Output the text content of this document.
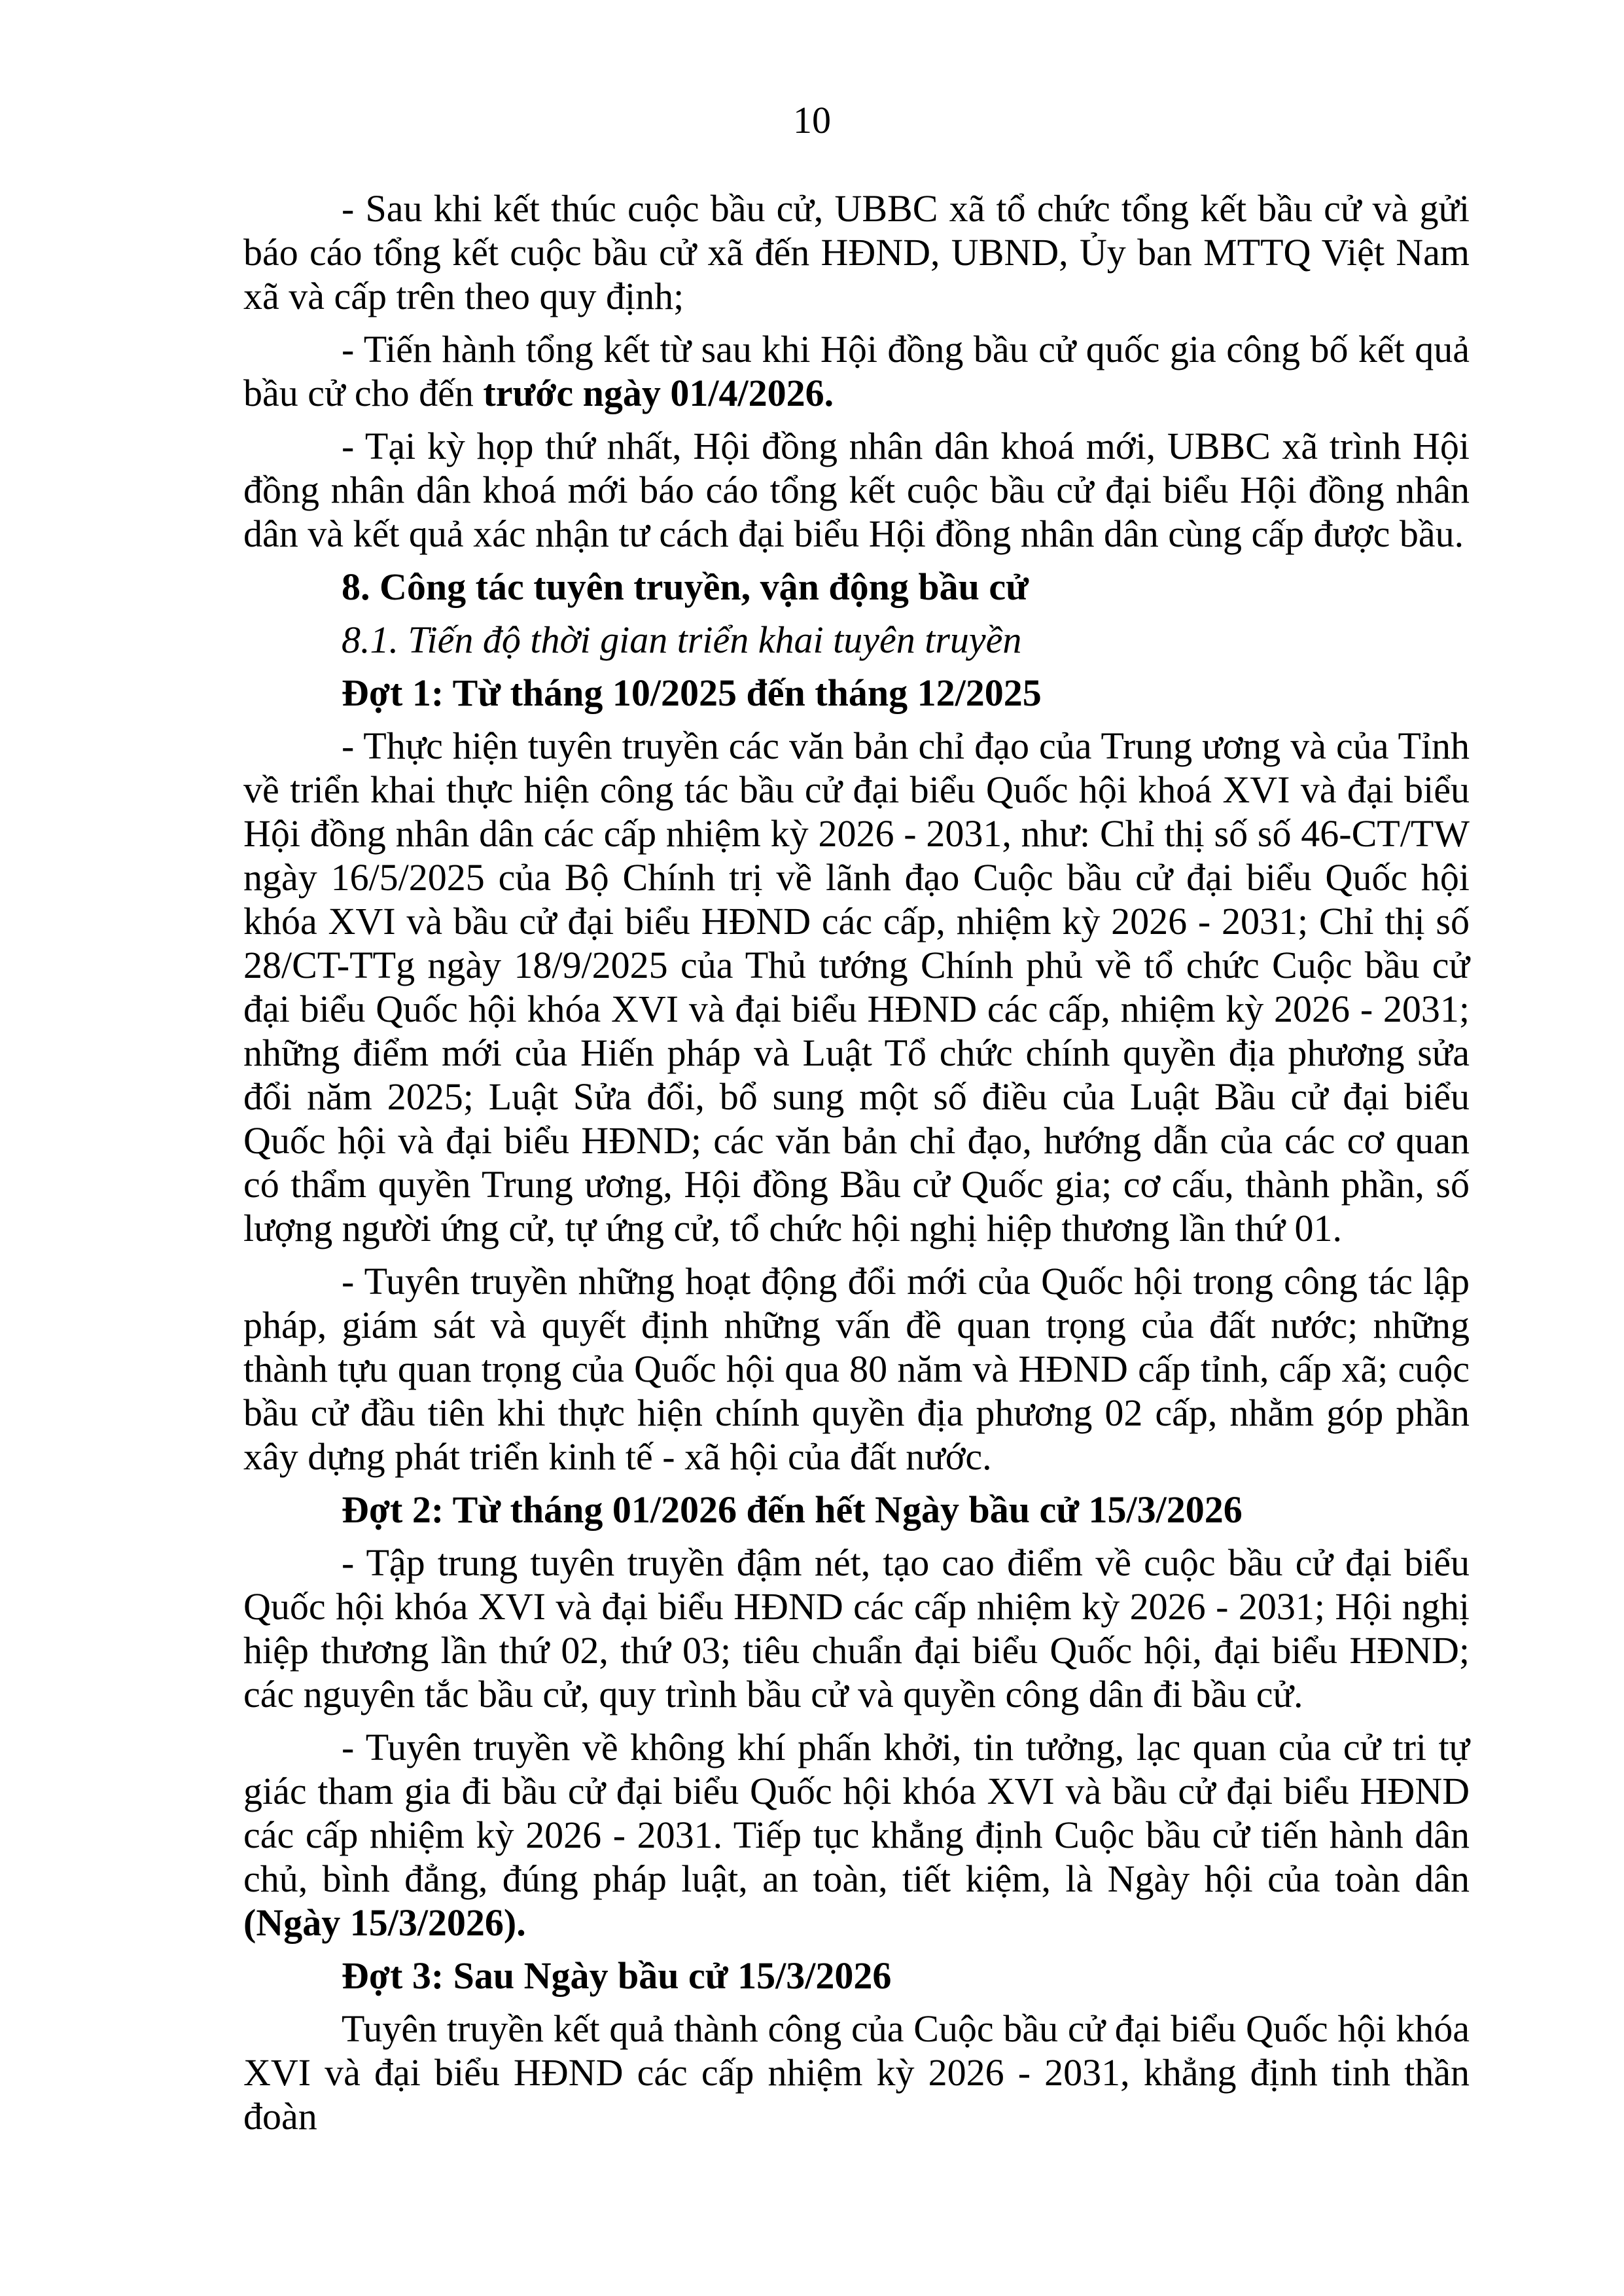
10

- Sau khi kết thúc cuộc bầu cử, UBBC xã tổ chức tổng kết bầu cử và gửi báo cáo tổng kết cuộc bầu cử xã đến HĐND, UBND, Ủy ban MTTQ Việt Nam xã và cấp trên theo quy định;

- Tiến hành tổng kết từ sau khi Hội đồng bầu cử quốc gia công bố kết quả bầu cử cho đến trước ngày 01/4/2026.

- Tại kỳ họp thứ nhất, Hội đồng nhân dân khoá mới, UBBC xã trình Hội đồng nhân dân khoá mới báo cáo tổng kết cuộc bầu cử đại biểu Hội đồng nhân dân và kết quả xác nhận tư cách đại biểu Hội đồng nhân dân cùng cấp được bầu.

8. Công tác tuyên truyền, vận động bầu cử

8.1. Tiến độ thời gian triển khai tuyên truyền

Đợt 1: Từ tháng 10/2025 đến tháng 12/2025

- Thực hiện tuyên truyền các văn bản chỉ đạo của Trung ương và của Tỉnh về triển khai thực hiện công tác bầu cử đại biểu Quốc hội khoá XVI và đại biểu Hội đồng nhân dân các cấp nhiệm kỳ 2026 - 2031, như: Chỉ thị số số 46-CT/TW ngày 16/5/2025 của Bộ Chính trị về lãnh đạo Cuộc bầu cử đại biểu Quốc hội khóa XVI và bầu cử đại biểu HĐND các cấp, nhiệm kỳ 2026 - 2031; Chỉ thị số 28/CT-TTg ngày 18/9/2025 của Thủ tướng Chính phủ về tổ chức Cuộc bầu cử đại biểu Quốc hội khóa XVI và đại biểu HĐND các cấp, nhiệm kỳ 2026 - 2031; những điểm mới của Hiến pháp và Luật Tổ chức chính quyền địa phương sửa đổi năm 2025; Luật Sửa đổi, bổ sung một số điều của Luật Bầu cử đại biểu Quốc hội và đại biểu HĐND; các văn bản chỉ đạo, hướng dẫn của các cơ quan có thẩm quyền Trung ương, Hội đồng Bầu cử Quốc gia; cơ cấu, thành phần, số lượng người ứng cử, tự ứng cử, tổ chức hội nghị hiệp thương lần thứ 01.

- Tuyên truyền những hoạt động đổi mới của Quốc hội trong công tác lập pháp, giám sát và quyết định những vấn đề quan trọng của đất nước; những thành tựu quan trọng của Quốc hội qua 80 năm và HĐND cấp tỉnh, cấp xã; cuộc bầu cử đầu tiên khi thực hiện chính quyền địa phương 02 cấp, nhằm góp phần xây dựng phát triển kinh tế - xã hội của đất nước.

Đợt 2: Từ tháng 01/2026 đến hết Ngày bầu cử 15/3/2026

- Tập trung tuyên truyền đậm nét, tạo cao điểm về cuộc bầu cử đại biểu Quốc hội khóa XVI và đại biểu HĐND các cấp nhiệm kỳ 2026 - 2031; Hội nghị hiệp thương lần thứ 02, thứ 03; tiêu chuẩn đại biểu Quốc hội, đại biểu HĐND; các nguyên tắc bầu cử, quy trình bầu cử và quyền công dân đi bầu cử.

- Tuyên truyền về không khí phấn khởi, tin tưởng, lạc quan của cử tri tự giác tham gia đi bầu cử đại biểu Quốc hội khóa XVI và bầu cử đại biểu HĐND các cấp nhiệm kỳ 2026 - 2031. Tiếp tục khẳng định Cuộc bầu cử tiến hành dân chủ, bình đẳng, đúng pháp luật, an toàn, tiết kiệm, là Ngày hội của toàn dân (Ngày 15/3/2026).

Đợt 3: Sau Ngày bầu cử 15/3/2026

Tuyên truyền kết quả thành công của Cuộc bầu cử đại biểu Quốc hội khóa XVI và đại biểu HĐND các cấp nhiệm kỳ 2026 - 2031, khẳng định tinh thần đoàn
